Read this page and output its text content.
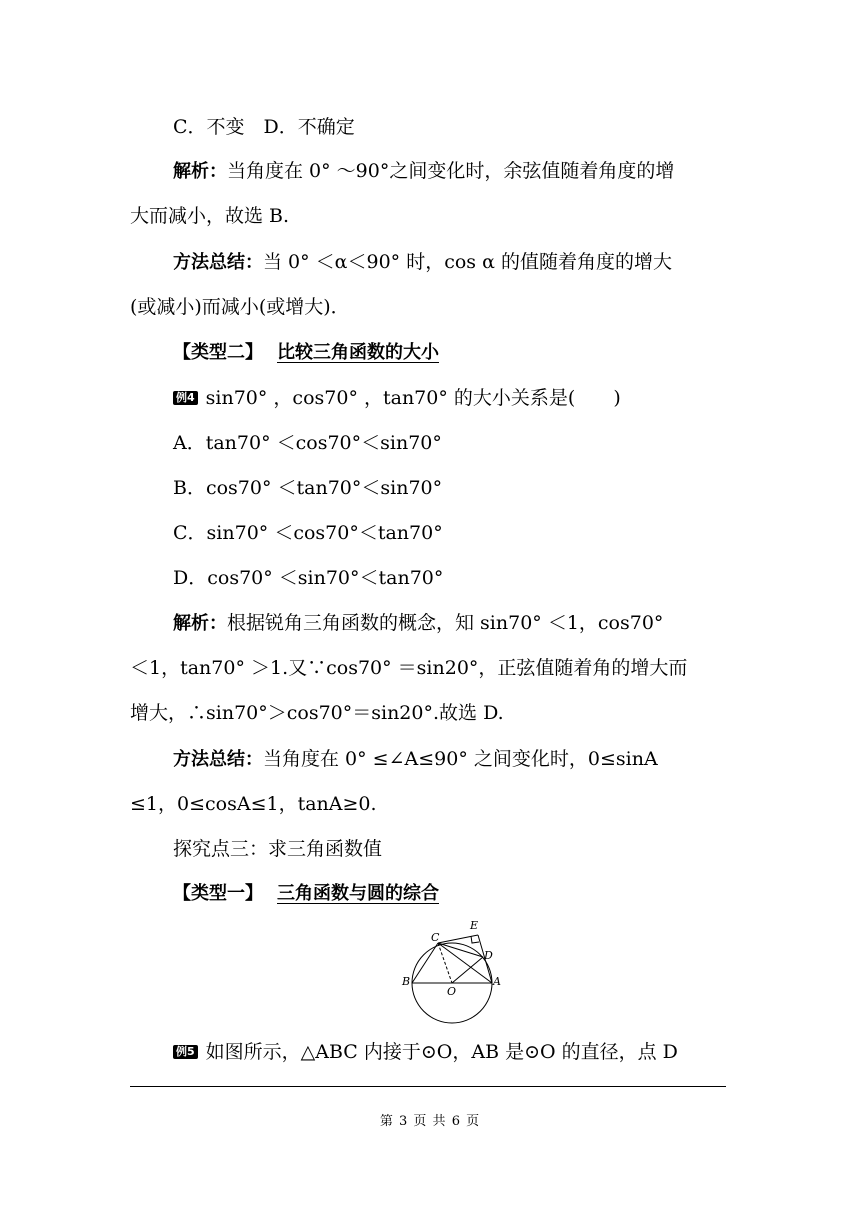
C．不变　D．不确定
解析：当角度在 0° ～90°之间变化时，余弦值随着角度的增
大而减小，故选 B.
方法总结：当 0° ＜α＜90° 时，cos α 的值随着角度的增大
(或减小)而减小(或增大)．
【类型二】 比较三角函数的大小
例4 sin70° ，cos70° ，tan70° 的大小关系是(　　)
A．tan70° ＜cos70°＜sin70°
B．cos70° ＜tan70°＜sin70°
C．sin70° ＜cos70°＜tan70°
D．cos70° ＜sin70°＜tan70°
解析：根据锐角三角函数的概念，知 sin70° ＜1，cos70°
＜1，tan70° ＞1.又∵cos70° ＝sin20°，正弦值随着角的增大而
增大，∴sin70°＞cos70°＝sin20°.故选 D.
方法总结：当角度在 0° ≤∠A≤90° 之间变化时，0≤sinA
≤1，0≤cosA≤1，tanA≥0.
探究点三：求三角函数值
【类型一】 三角函数与圆的综合
C
E
D
B
O
A
例5 如图所示，△ABC 内接于⊙O，AB 是⊙O 的直径，点 D
第 3 页 共 6 页
